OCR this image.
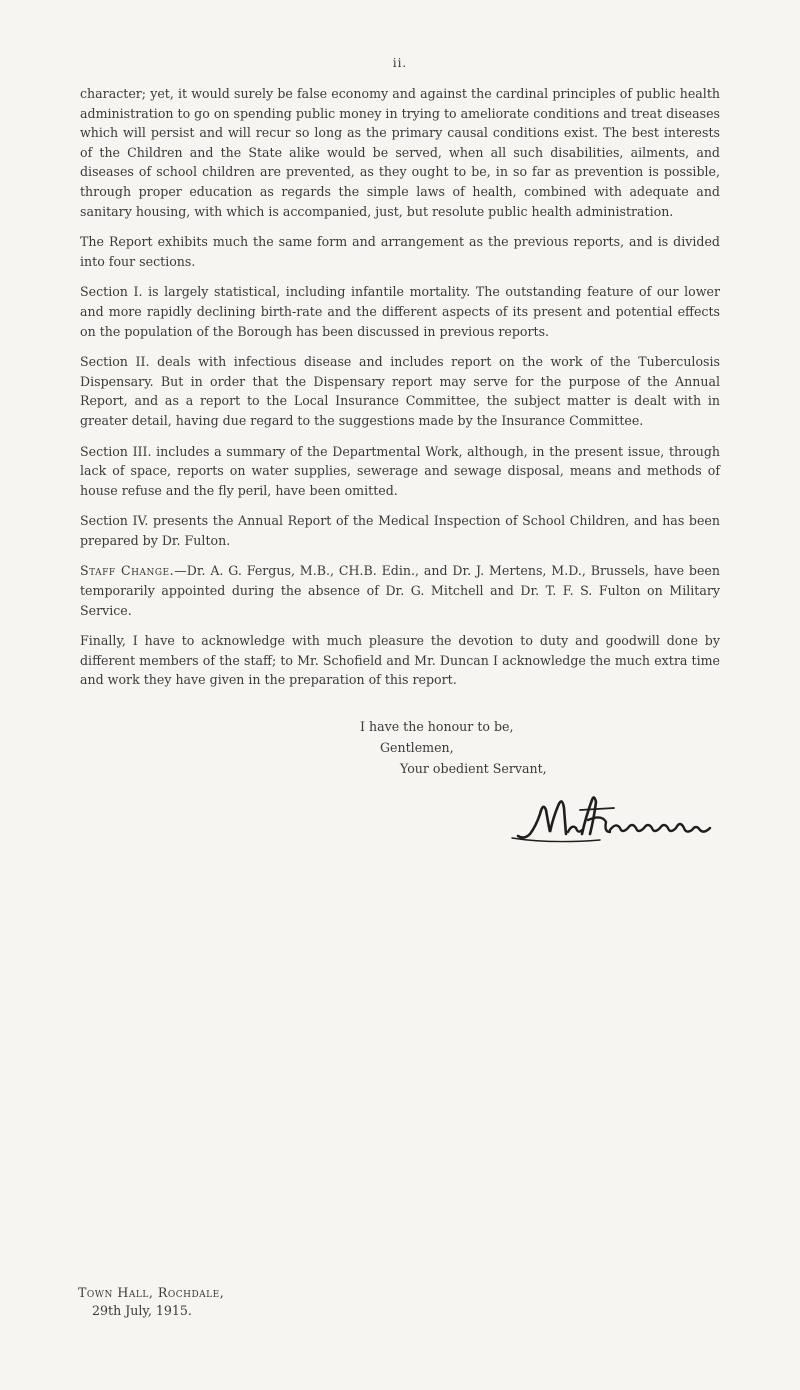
ii.

character; yet, it would surely be false economy and against the cardinal principles of public health administration to go on spending public money in trying to ameliorate conditions and treat diseases which will persist and will recur so long as the primary causal conditions exist. The best interests of the Children and the State alike would be served, when all such disabilities, ailments, and diseases of school children are prevented, as they ought to be, in so far as prevention is possible, through proper education as regards the simple laws of health, combined with adequate and sanitary housing, with which is accompanied, just, but resolute public health administration.

The Report exhibits much the same form and arrangement as the previous reports, and is divided into four sections.

Section I. is largely statistical, including infantile mortality. The outstanding feature of our lower and more rapidly declining birth-rate and the different aspects of its present and potential effects on the population of the Borough has been discussed in previous reports.

Section II. deals with infectious disease and includes report on the work of the Tuberculosis Dispensary. But in order that the Dispensary report may serve for the purpose of the Annual Report, and as a report to the Local Insurance Committee, the subject matter is dealt with in greater detail, having due regard to the suggestions made by the Insurance Committee.

Section III. includes a summary of the Departmental Work, although, in the present issue, through lack of space, reports on water supplies, sewerage and sewage disposal, means and methods of house refuse and the fly peril, have been omitted.

Section IV. presents the Annual Report of the Medical Inspection of School Children, and has been prepared by Dr. Fulton.

Staff Change.—Dr. A. G. Fergus, M.B., CH.B. Edin., and Dr. J. Mertens, M.D., Brussels, have been temporarily appointed during the absence of Dr. G. Mitchell and Dr. T. F. S. Fulton on Military Service.

Finally, I have to acknowledge with much pleasure the devotion to duty and goodwill done by different members of the staff; to Mr. Schofield and Mr. Duncan I acknowledge the much extra time and work they have given in the preparation of this report.

I have the honour to be,
Gentlemen,
Your obedient Servant,
Town Hall, Rochdale,
29th July, 1915.
